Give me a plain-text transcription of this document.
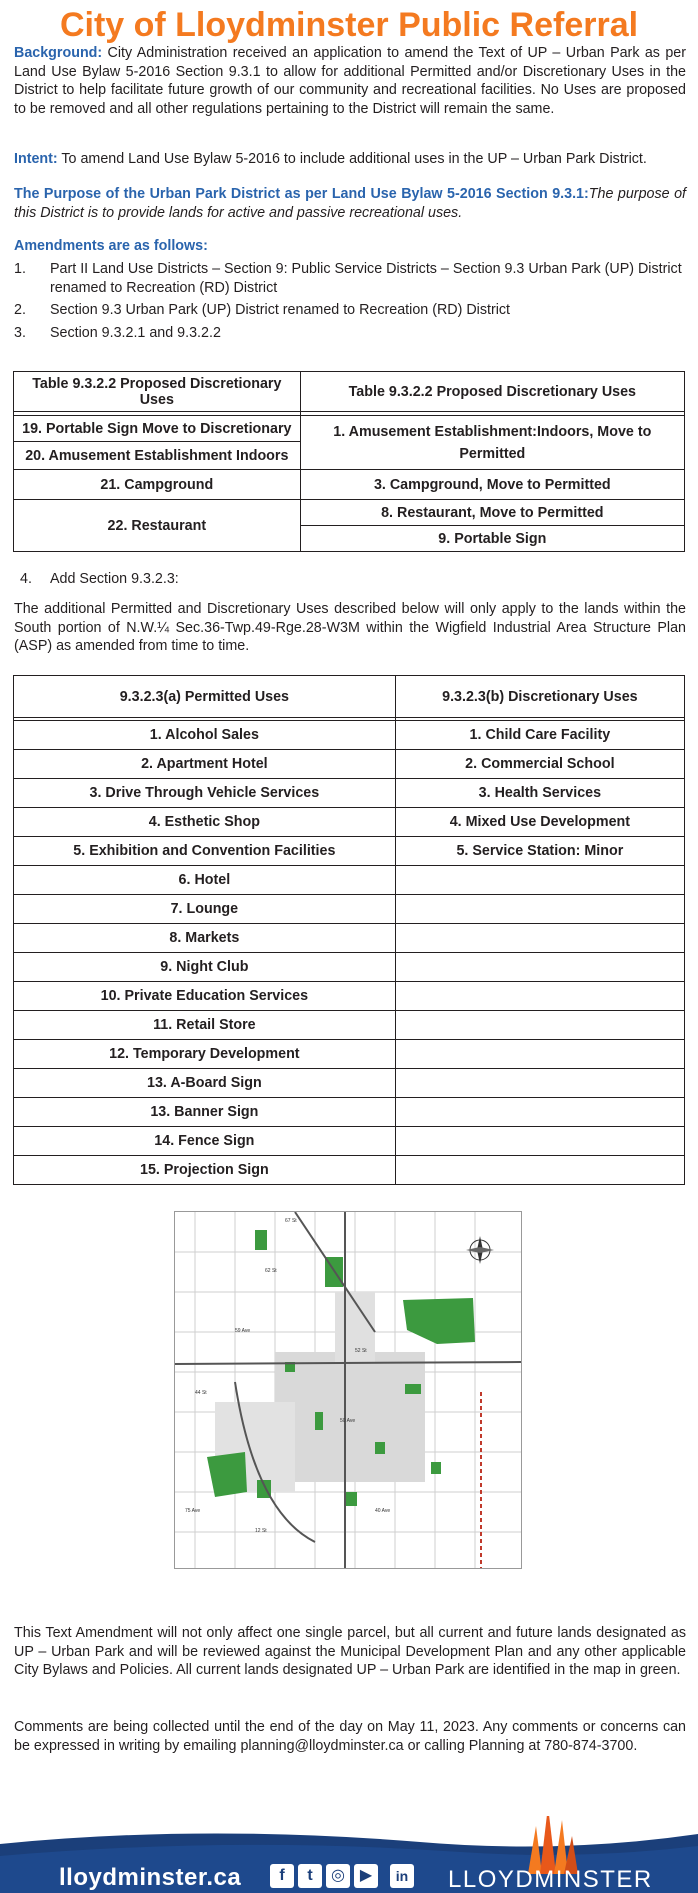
City of Lloydminster Public Referral

Background: City Administration received an application to amend the Text of UP – Urban Park as per Land Use Bylaw 5-2016 Section 9.3.1 to allow for additional Permitted and/or Discretionary Uses in the District to help facilitate future growth of our community and recreational facilities. No Uses are proposed to be removed and all other regulations pertaining to the District will remain the same.

Intent: To amend Land Use Bylaw 5-2016 to include additional uses in the UP – Urban Park District.

The Purpose of the Urban Park District as per Land Use Bylaw 5-2016 Section 9.3.1:The purpose of this District is to provide lands for active and passive recreational uses.

Amendments are as follows:
1.	Part II Land Use Districts – Section 9: Public Service Districts – Section 9.3 Urban Park (UP) District renamed to Recreation (RD) District
2.	Section 9.3 Urban Park (UP) District renamed to Recreation (RD) District
3.	Section 9.3.2.1 and 9.3.2.2
Table 9.3.2.2 Proposed Discretionary Uses	Table 9.3.2.2 Proposed Discretionary Uses

19. Portable Sign Move to Discretionary	1. Amusement Establishment:Indoors, Move to Permitted
20. Amusement Establishment Indoors	
21. Campground	3. Campground, Move to Permitted
22. Restaurant	8. Restaurant, Move to Permitted
	9. Portable Sign
4.	Add Section 9.3.2.3:

The additional Permitted and Discretionary Uses described below will only apply to the lands within the South portion of N.W.¼ Sec.36-Twp.49-Rge.28-W3M within the Wigfield Industrial Area Structure Plan (ASP) as amended from time to time.

9.3.2.3(a) Permitted Uses	9.3.2.3(b) Discretionary Uses

1. Alcohol Sales	1. Child Care Facility
2. Apartment Hotel	2. Commercial School
3. Drive Through Vehicle Services	3. Health Services
4. Esthetic Shop	4. Mixed Use Development
5. Exhibition and Convention Facilities	5. Service Station: Minor
6. Hotel	
7. Lounge	
8. Markets	
9. Night Club	
10. Private Education Services	
11. Retail Store	
12. Temporary Development	
13. A-Board Sign	
13. Banner Sign	
14. Fence Sign	
15. Projection Sign	
67 St
62 St
59 Ave
52 St
50 Ave
44 St
40 Ave
75 Ave
12 St

This Text Amendment will not only affect one single parcel, but all current and future lands designated as UP – Urban Park and will be reviewed against the Municipal Development Plan and any other applicable City Bylaws and Policies. All current lands designated UP – Urban Park are identified in the map in green.

Comments are being collected until the end of the day on May 11, 2023. Any comments or concerns can be expressed in writing by emailing planning@lloydminster.ca or calling Planning at 780-874-3700.

lloydminster.ca	f	t	◎ ▶	in LLOYDMINSTER
